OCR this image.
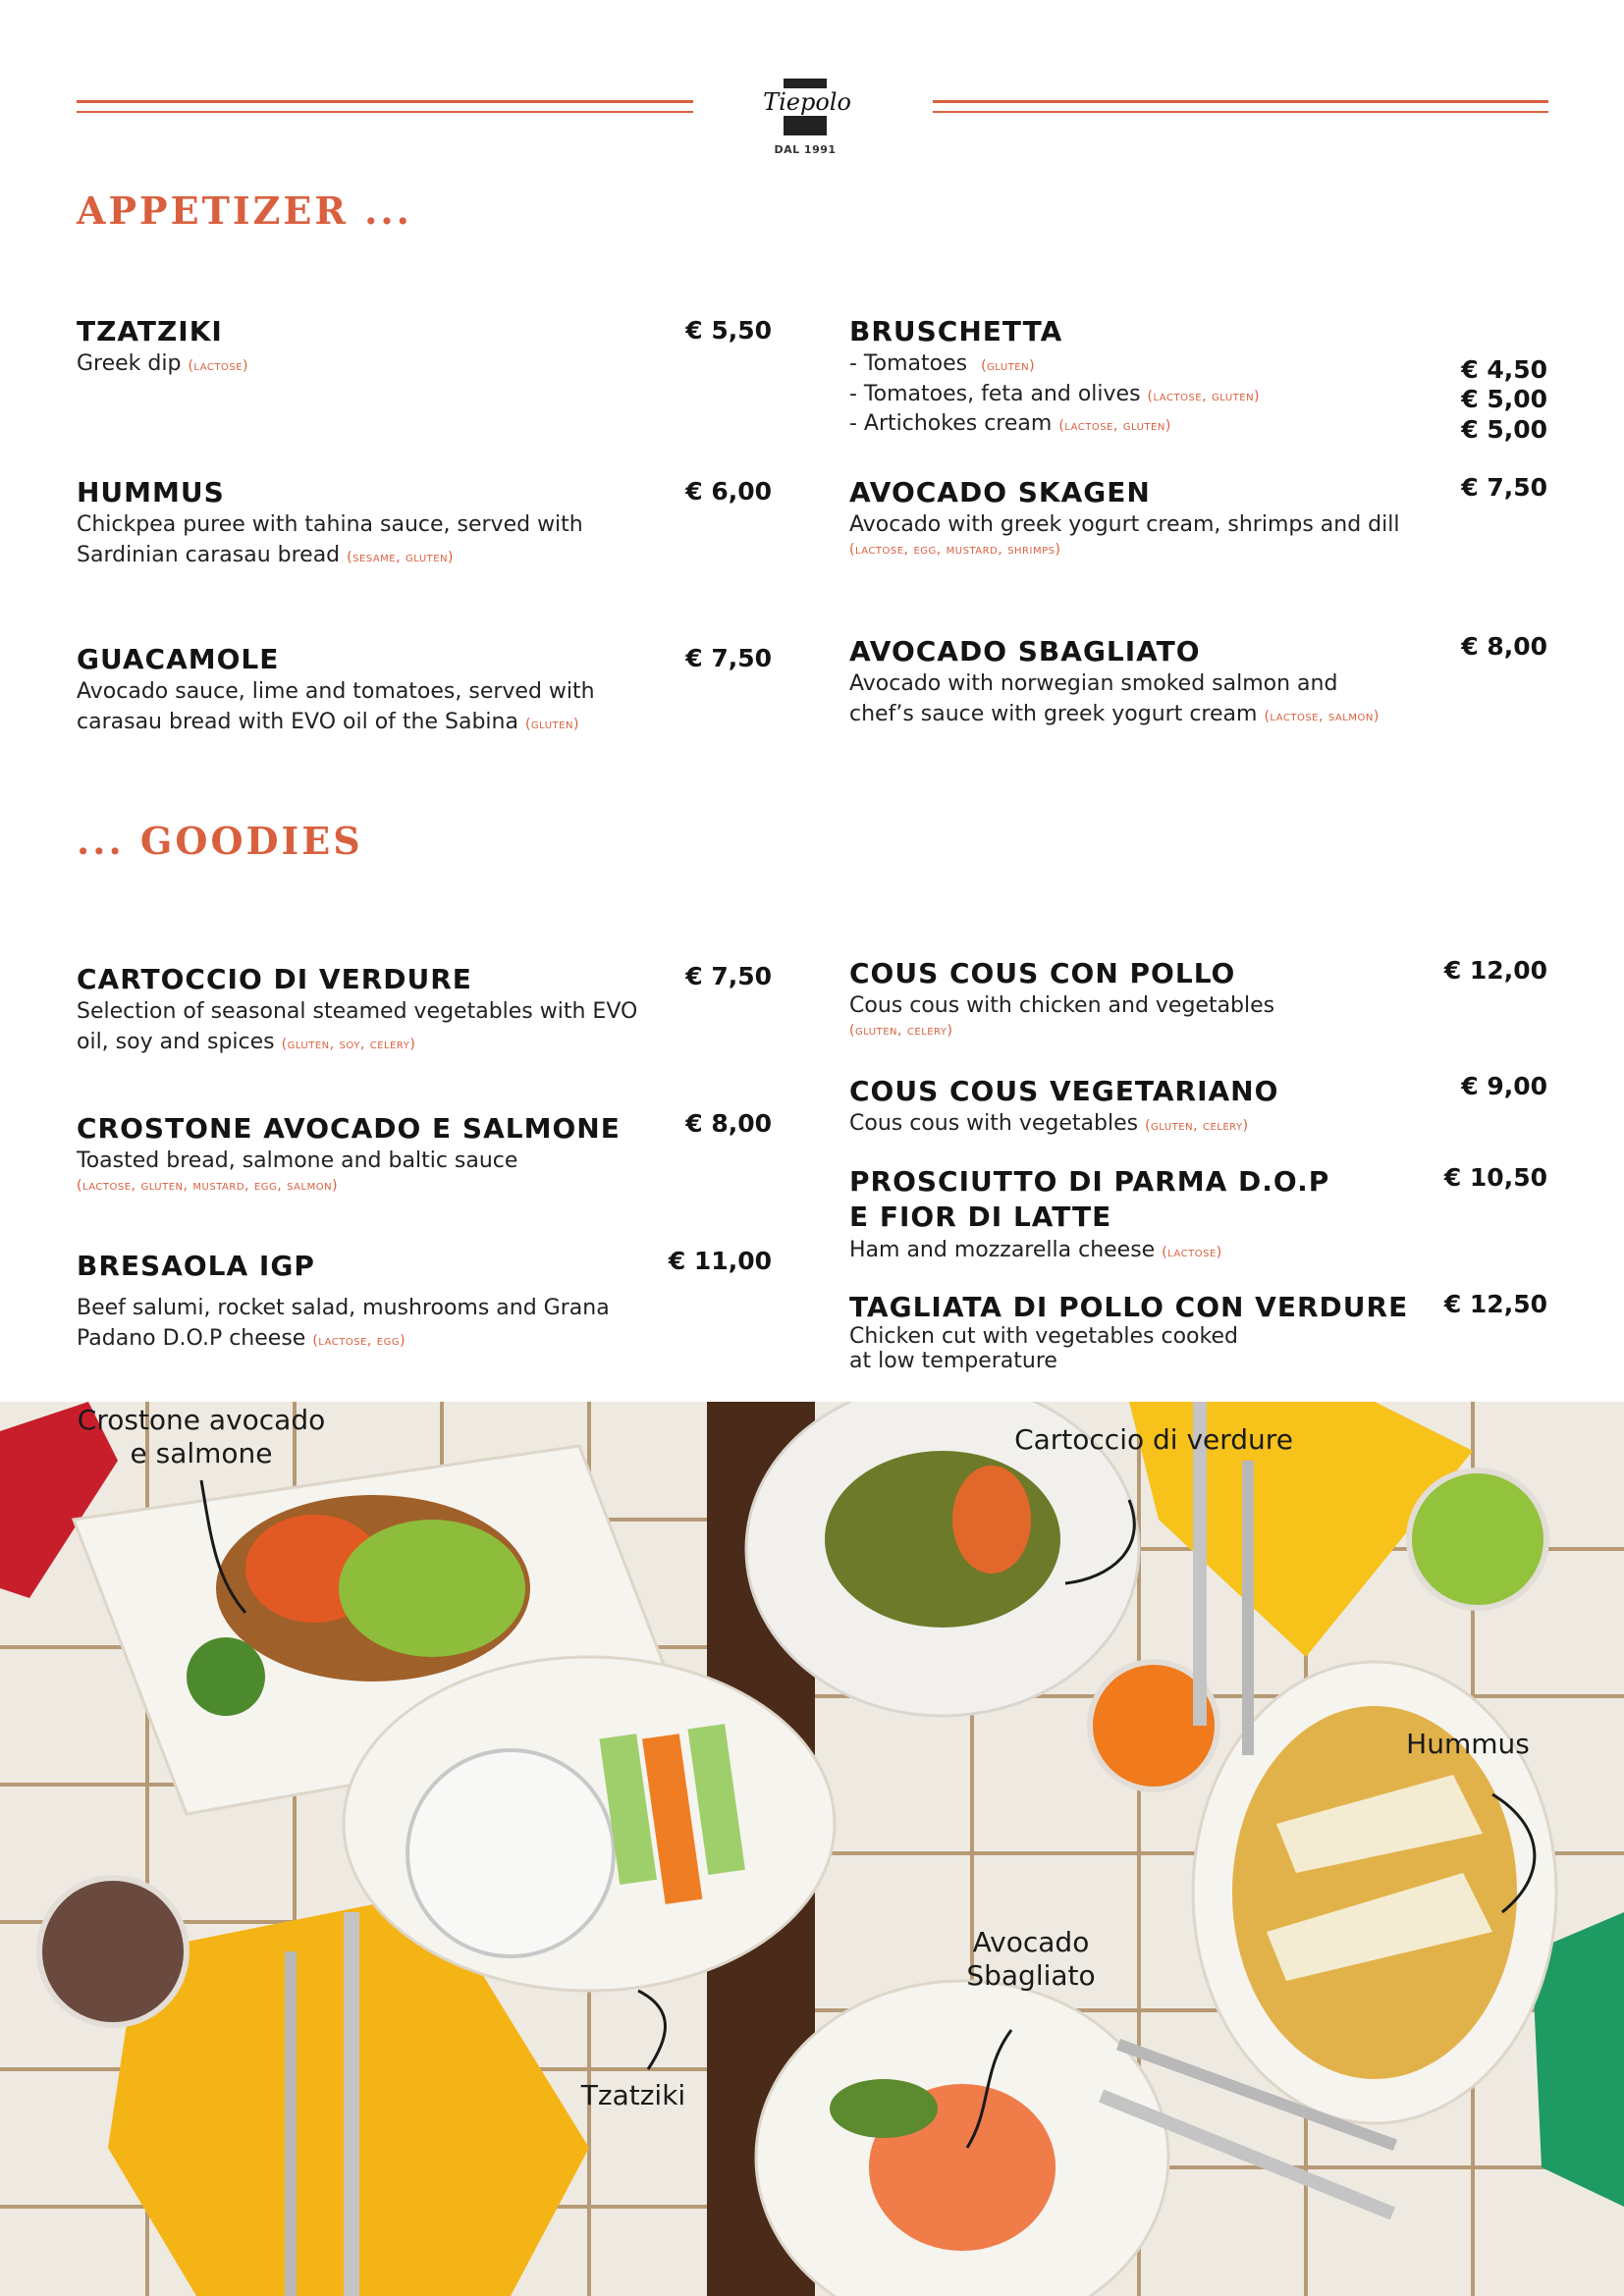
Tiepolo
DAL 1991
APPETIZER ...
TZATZIKI
Greek dip (lactose)
€ 5,50
HUMMUS
Chickpea puree with tahina sauce, served with
Sardinian carasau bread (sesame, gluten)
€ 6,00
GUACAMOLE
Avocado sauce, lime and tomatoes, served with
carasau bread with EVO oil of the Sabina (gluten)
€ 7,50
BRUSCHETTA
- Tomatoes (gluten)
- Tomatoes, feta and olives (lactose, gluten)
- Artichokes cream (lactose, gluten)
€ 4,50
€ 5,00
€ 5,00
AVOCADO SKAGEN
Avocado with greek yogurt cream, shrimps and dill
(lactose, egg, mustard, shrimps)
€ 7,50
AVOCADO SBAGLIATO
Avocado with norwegian smoked salmon and
chef’s sauce with greek yogurt cream (lactose, salmon)
€ 8,00
... GOODIES
CARTOCCIO DI VERDURE
Selection of seasonal steamed vegetables with EVO
oil, soy and spices (gluten, soy, celery)
€ 7,50
CROSTONE AVOCADO E SALMONE
Toasted bread, salmone and baltic sauce
(lactose, gluten, mustard, egg, salmon)
€ 8,00
BRESAOLA IGP
Beef salumi, rocket salad, mushrooms and Grana
Padano D.O.P cheese (lactose, egg)
€ 11,00
COUS COUS CON POLLO
Cous cous with chicken and vegetables
(gluten, celery)
€ 12,00
COUS COUS VEGETARIANO
Cous cous with vegetables (gluten, celery)
€ 9,00
PROSCIUTTO DI PARMA D.O.P
E FIOR DI LATTE
Ham and mozzarella cheese (lactose)
€ 10,50
TAGLIATA DI POLLO CON VERDURE
Chicken cut with vegetables cooked
at low temperature
€ 12,50
Crostone avocado
e salmone	Cartoccio di verdure
Hummus
Tzatziki
Avocado
Sbagliato
